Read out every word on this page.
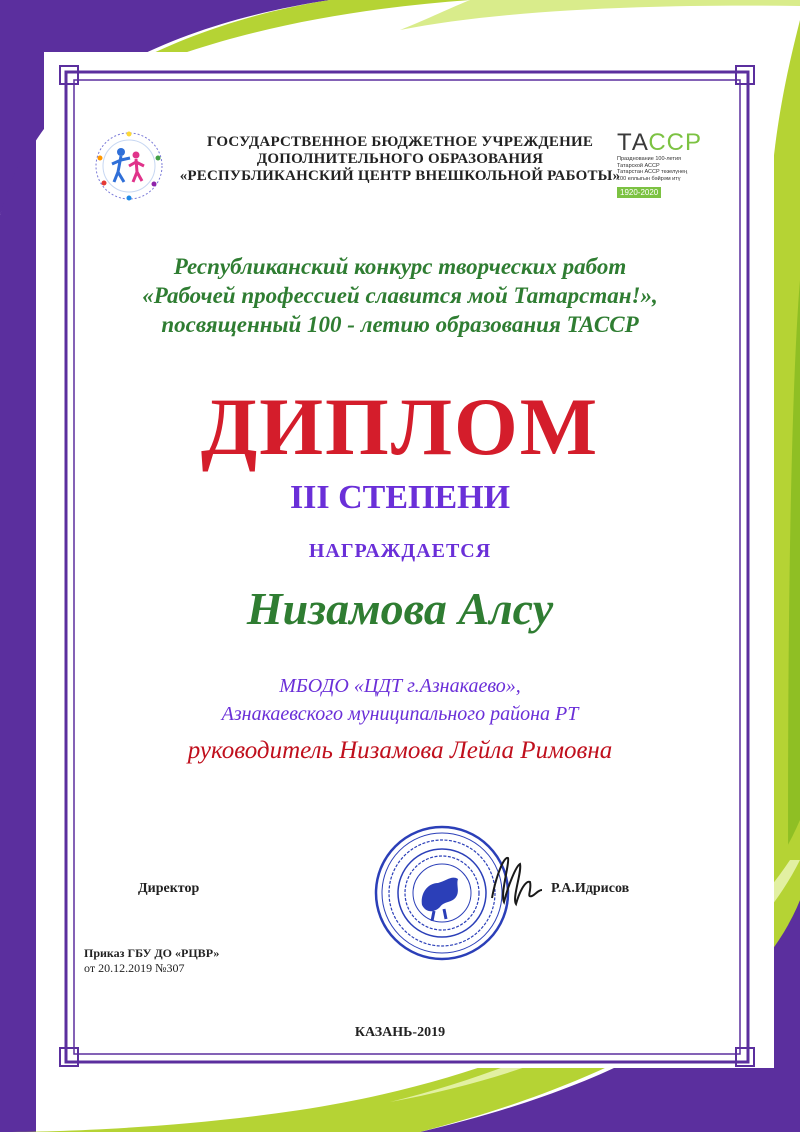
ГОСУДАРСТВЕННОЕ БЮДЖЕТНОЕ УЧРЕЖДЕНИЕ
ДОПОЛНИТЕЛЬНОГО ОБРАЗОВАНИЯ
«РЕСПУБЛИКАНСКИЙ ЦЕНТР ВНЕШКОЛЬНОЙ РАБОТЫ»
ТАССР
Празднование 100-летия
Татарской АССР
Татарстан АССР төзелүнең
100 еллыгын бәйрәм итү
1920-2020
Республиканский конкурс творческих работ
«Рабочей профессией славится мой Татарстан!»,
посвященный 100 - летию образования ТАССР
ДИПЛОМ
III СТЕПЕНИ
НАГРАЖДАЕТСЯ
Низамова Алсу
МБОДО «ЦДТ г.Азнакаево»,
Азнакаевского муниципального района РТ
руководитель Низамова Лейла Римовна
Директор	Р.А.Идрисов
Приказ ГБУ ДО «РЦВР»
от 20.12.2019 №307
КАЗАНЬ-2019
